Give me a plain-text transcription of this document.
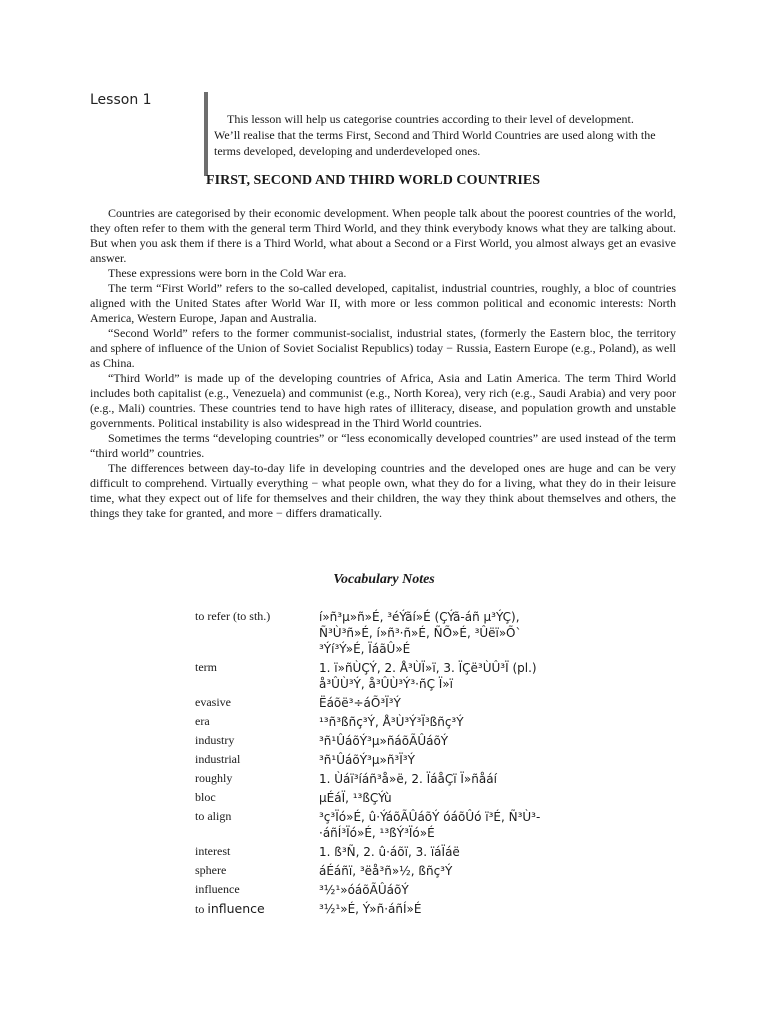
Lesson 1

This lesson will help us categorise countries according to their level of development.
We’ll realise that the terms First, Second and Third World Countries are used along with the
terms developed, developing and underdeveloped ones.

FIRST, SECOND AND THIRD WORLD COUNTRIES

Countries are categorised by their economic development. When people talk about the poorest countries of the world, they often refer to them with the general term Third World, and they think everybody knows what they are talking about. But when you ask them if there is a Third World, what about a Second or a First World, you almost always get an evasive answer.

These expressions were born in the Cold War era.

The term “First World” refers to the so-called developed, capitalist, industrial countries, roughly, a bloc of countries aligned with the United States after World War II, with more or less common political and economic interests: North America, Western Europe, Japan and Australia.

“Second World” refers to the former communist-socialist, industrial states, (formerly the Eastern bloc, the territory and sphere of influence of the Union of Soviet Socialist Republics) today − Russia, Eastern Europe (e.g., Poland), as well as China.

“Third World” is made up of the developing countries of Africa, Asia and Latin America. The term Third World includes both capitalist (e.g., Venezuela) and communist (e.g., North Korea), very rich (e.g., Saudi Arabia) and very poor (e.g., Mali) countries. These countries tend to have high rates of illiteracy, disease, and population growth and unstable governments. Political instability is also widespread in the Third World countries.

Sometimes the terms “developing countries” or “less economically developed countries” are used instead of the term “third world” countries.

The differences between day-to-day life in developing countries and the developed ones are huge and can be very difficult to comprehend. Virtually everything − what people own, what they do for a living, what they do in their leisure time, what they expect out of life for themselves and their children, the way they think about themselves and others, the things they take for granted, and more − differs dramatically.

Vocabulary Notes
to refer (to sth.)	í»ñ³µ»ñ»É, ³éÝãí»É (ÇÝã-áñ µ³ÝÇ), Ñ³Ù³ñ»É, í»ñ³·ñ»É, ÑÕ»É, ³Ûëï»Õ` ³Ýí³Ý»É, ÏáãÛ»É
term	1. ï»ñÙÇÝ, 2. Å³ÙÏ»ï, 3. ÏÇë³ÙÛ³Ï (pl.) å³ÛÙ³Ý, å³ÛÙ³Ý³·ñÇ Ï»ï
evasive	Ëáõë³÷áÕ³Ï³Ý
era	¹³ñ³ßñç³Ý, Å³Ù³Ý³Ï³ßñç³Ý
industry	³ñ¹ÛáõÝ³µ»ñáõÃÛáõÝ
industrial	³ñ¹ÛáõÝ³µ»ñ³Ï³Ý
roughly	1. Ùáï³íáñ³å»ë, 2. ÏáåÇï Ï»ñåáí
bloc	µÉáÏ, ¹³ßÇÝù
to align	³ç³Ïó»É, û·ÝáõÃÛáõÝ óáõÛó ï³É, Ñ³Ù³-·áñÍ³Ïó»É, ¹³ßÝ³Ïó»É
interest	1. ß³Ñ, 2. û·áõï, 3. ïáÏáë
sphere	áÉáñï, ³ëå³ñ»½, ßñç³Ý
influence	³½¹»óáõÃÛáõÝ
to influence	³½¹»É, Ý»ñ·áñÍ»É
